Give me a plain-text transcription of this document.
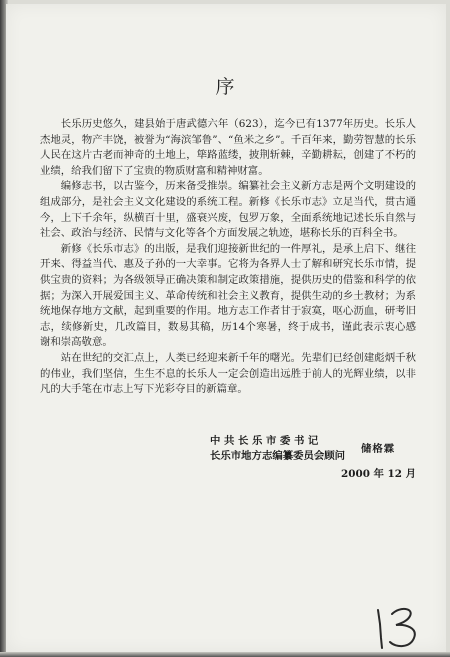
序

长乐历史悠久，建县始于唐武德六年（623），迄今已有1377年历史。长乐人杰地灵，物产丰饶，被誉为“海滨邹鲁”、“鱼米之乡”。千百年来，勤劳智慧的长乐人民在这片古老而神奇的土地上，筚路蓝缕，披荆斩棘，辛勤耕耘，创建了不朽的业绩，给我们留下了宝贵的物质财富和精神财富。

编修志书，以古鉴今，历来备受推崇。编纂社会主义新方志是两个文明建设的组成部分，是社会主义文化建设的系统工程。新修《长乐市志》立足当代，贯古通今，上下千余年，纵横百十里，盛衰兴废，包罗万象，全面系统地记述长乐自然与社会、政治与经济、民情与文化等各个方面发展之轨迹，堪称长乐的百科全书。

新修《长乐市志》的出版，是我们迎接新世纪的一件厚礼，是承上启下、继往开来、得益当代、惠及子孙的一大幸事。它将为各界人士了解和研究长乐市情，提供宝贵的资料；为各级领导正确决策和制定政策措施，提供历史的借鉴和科学的依据；为深入开展爱国主义、革命传统和社会主义教育，提供生动的乡土教材；为系统地保存地方文献，起到重要的作用。地方志工作者甘于寂寞，呕心沥血，研考旧志，续修新史，几改篇目，数易其稿，历14个寒暑，终于成书，谨此表示衷心感谢和崇高敬意。

站在世纪的交汇点上，人类已经迎来新千年的曙光。先辈们已经创建彪炳千秋的伟业，我们坚信，生生不息的长乐人一定会创造出远胜于前人的光辉业绩，以非凡的大手笔在市志上写下光彩夺目的新篇章。

中共长乐市委书记
长乐市地方志编纂委员会顾问
储格霖
2000 年 12 月
